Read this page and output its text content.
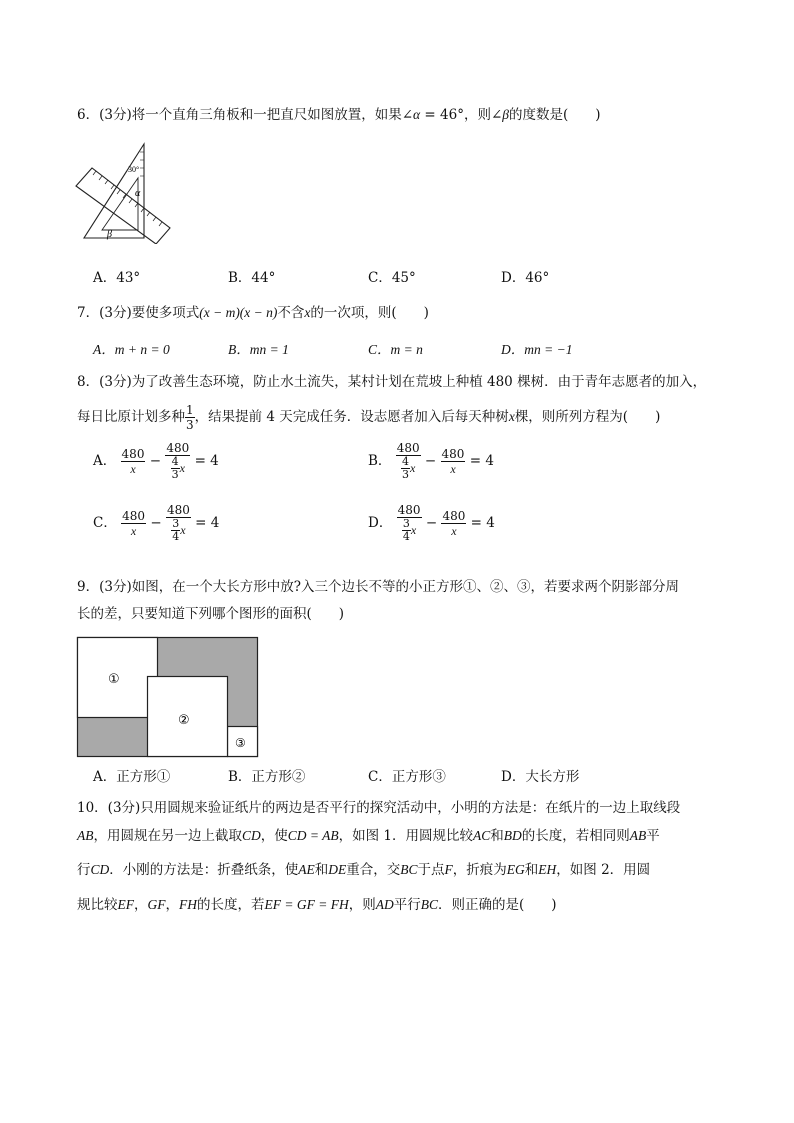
6．(3分)将一个直角三角板和一把直尺如图放置，如果∠α = 46°，则∠β的度数是(　　)
30°
α
β
A．43°	B．44°	C．45°	D．46°
7．(3分)要使多项式(x − m)(x − n)不含x的一次项，则(　　)
A．m + n = 0	B．mn = 1	C．m = n	D．mn = −1
8．(3分)为了改善生态环境，防止水土流失，某村计划在荒坡上种植 480 棵树．由于青年志愿者的加入，
每日比原计划多种 $\frac{1}{3}$ ，结果提前 4 天完成任务．设志愿者加入后每天种树x棵，则所列方程为(　　)
A． $\frac{480}{x} - \frac{480}{\frac{4}{3} x} = 4$	B． $\frac{480}{\frac{4}{3} x} - \frac{480}{x} = 4$
C． $\frac{480}{x} - \frac{480}{\frac{3}{4} x} = 4$	D． $\frac{480}{\frac{3}{4} x} - \frac{480}{x} = 4$
9．(3分)如图，在一个大长方形中放?入三个边长不等的小正方形①、②、③，若要求两个阴影部分周
长的差，只要知道下列哪个图形的面积(　　)
①
②
③
A．正方形①	B．正方形②	C．正方形③	D．大长方形
10．(3分)只用圆规来验证纸片的两边是否平行的探究活动中，小明的方法是：在纸片的一边上取线段
AB，用圆规在另一边上截取CD，使CD = AB，如图 1．用圆规比较AC和BD的长度，若相同则AB平
行CD．小刚的方法是：折叠纸条，使AE和DE重合，交BC于点F，折痕为EG和EH，如图 2．用圆
规比较EF，GF，FH的长度，若EF = GF = FH，则AD平行BC．则正确的是(　　)
